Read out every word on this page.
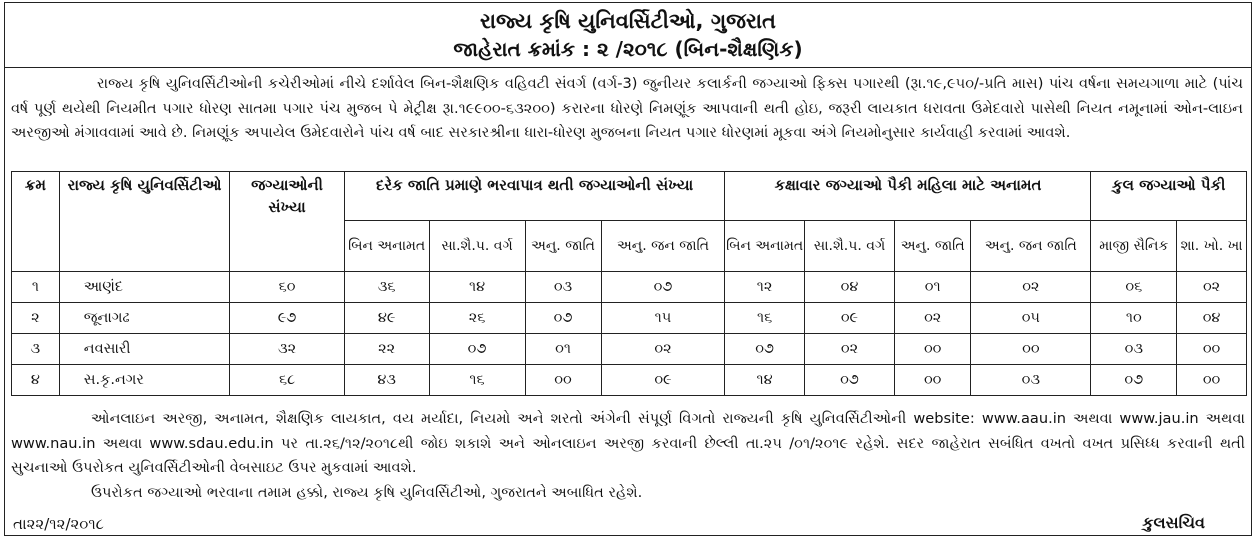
રાજ્ય કૃષિ યુનિવર્સિટીઓ, ગુજરાત
જાહેરાત ક્રમાંક : ૨ /૨૦૧૮ (બિન-શૈક્ષણિક)
રાજ્ય કૃષિ યુનિવર્સિટીઓની કચેરીઓમાં નીચે દર્શાવેલ બિન-શૈક્ષણિક વહિવટી સંવર્ગ (વર્ગ-3) જુનીયર કલાર્કની જગ્યાઓ ફિક્સ પગારથી (રૂા.૧૯,૯૫૦/-પ્રતિ માસ) પાંચ વર્ષના સમયગાળા માટે (પાંચ વર્ષ પૂર્ણ થયેથી નિયમીત પગાર ધોરણ સાતમા પગાર પંચ મુજબ પે મેટ્રીક્ષ રૂા.૧૯૯૦૦-૬૩૨૦૦) કરારના ધોરણે નિમણૂંક આપવાની થતી હોઇ, જરૂરી લાયકાત ધરાવતા ઉમેદવારો પાસેથી નિયત નમૂનામાં ઓન-લાઇન અરજીઓ મંગાવવામાં આવે છે. નિમણૂંક અપાયેલ ઉમેદવારોને પાંચ વર્ષ બાદ સરકારશ્રીના ધારા-ધોરણ મુજબના નિયત પગાર ધોરણમાં મૂકવા અંગે નિયમોનુસાર કાર્યવાહી કરવામાં આવશે.
ક્રમ	રાજ્ય કૃષિ યુનિવર્સિટીઓ	જગ્યાઓની સંખ્યા	દરેક જાતિ પ્રમાણે ભરવાપાત્ર થતી જગ્યાઓની સંખ્યા				કક્ષાવાર જગ્યાઓ પૈકી મહિલા માટે અનામત				કુલ જગ્યાઓ પૈકી	
			બિન અનામત	સા.શૈ.પ. વર્ગ	અનુ. જાતિ	અનુ. જન જાતિ	બિન અનામત	સા.શૈ.પ. વર્ગ	અનુ. જાતિ	અનુ. જન જાતિ	માજી સૈનિક	શા. ખો. ખા
૧	આણંદ	૬૦	૩૬	૧૪	૦૩	૦૭	૧૨	૦૪	૦૧	૦૨	૦૬	૦૨
૨	જૂનાગઢ	૯૭	૪૯	૨૬	૦૭	૧૫	૧૬	૦૯	૦૨	૦૫	૧૦	૦૪
૩	નવસારી	૩૨	૨૨	૦૭	૦૧	૦૨	૦૭	૦૨	૦૦	૦૦	૦૩	૦૦
૪	સ.કૃ.નગર	૬૮	૪૩	૧૬	૦૦	૦૯	૧૪	૦૭	૦૦	૦૩	૦૭	૦૦

ઓનલાઇન અરજી, અનામત, શૈક્ષણિક લાયકાત, વય મર્યાદા, નિયમો અને શરતો અંગેની સંપૂર્ણ વિગતો રાજ્યની કૃષિ યુનિવર્સિટીઓની website: www.aau.in અથવા www.jau.in અથવા www.nau.in અથવા www.sdau.edu.in પર તા.૨૬/૧૨/૨૦૧૮થી જોઇ શકાશે અને ઓનલાઇન અરજી કરવાની છેલ્લી તા.૨૫ /૦૧/૨૦૧૯ રહેશે. સદર જાહેરાત સબંધિત વખતો વખત પ્રસિધ્ધ કરવાની થતી સુચનાઓ ઉપરોકત યુનિવર્સિટીઓની વેબસાઇટ ઉપર મુકવામાં આવશે.

ઉપરોકત જગ્યાઓ ભરવાના તમામ હક્કો, રાજ્ય કૃષિ યુનિવર્સિટીઓ, ગુજરાતને અબાધિત રહેશે.

તા૨૨/૧૨/૨૦૧૮	કુલસચિવ
